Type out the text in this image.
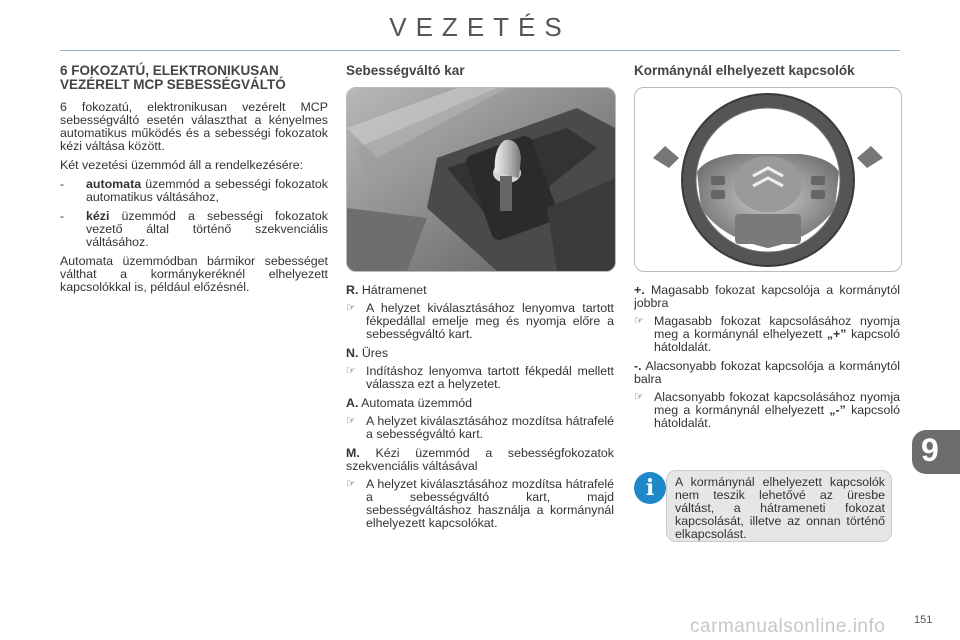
VEZETÉS
6 FOKOZATÚ, ELEKTRONIKUSAN VEZÉRELT MCP SEBESSÉGVÁLTÓ

6 fokozatú, elektronikusan vezérelt MCP sebességváltó esetén választhat a kényelmes automatikus működés és a sebességi fokozatok kézi váltása között.

Két vezetési üzemmód áll a rendelkezésére:

- automata üzemmód a sebességi fokozatok automatikus váltásához,
- kézi üzemmód a sebességi fokozatok vezető által történő szekvenciális váltásához.

Automata üzemmódban bármikor sebességet válthat a kormánykeréknél elhelyezett kapcsolókkal is, például előzésnél.

Sebességváltó kar
R. Hátramenet
☞ A helyzet kiválasztásához lenyomva tartott fékpedállal emelje meg és nyomja előre a sebességváltó kart.
N. Üres
☞ Indításhoz lenyomva tartott fékpedál mellett válassza ezt a helyzetet.
A. Automata üzemmód
☞ A helyzet kiválasztásához mozdítsa hátrafelé a sebességváltó kart.
M. Kézi üzemmód a sebességfokozatok szekvenciális váltásával
☞ A helyzet kiválasztásához mozdítsa hátrafelé a sebességváltó kart, majd sebességváltáshoz használja a kormánynál elhelyezett kapcsolókat.
Kormánynál elhelyezett kapcsolók
+. Magasabb fokozat kapcsolója a kormánytól jobbra
☞ Magasabb fokozat kapcsolásához nyomja meg a kormánynál elhelyezett „+” kapcsoló hátoldalát.
-. Alacsonyabb fokozat kapcsolója a kormánytól balra
☞ Alacsonyabb fokozat kapcsolásához nyomja meg a kormánynál elhelyezett „-” kapcsoló hátoldalát.
i	A kormánynál elhelyezett kapcsolók nem teszik lehetővé az üresbe váltást, a hátrameneti fokozat kapcsolását, illetve az onnan történő elkapcsolást.
9
carmanualsonline.info	151
